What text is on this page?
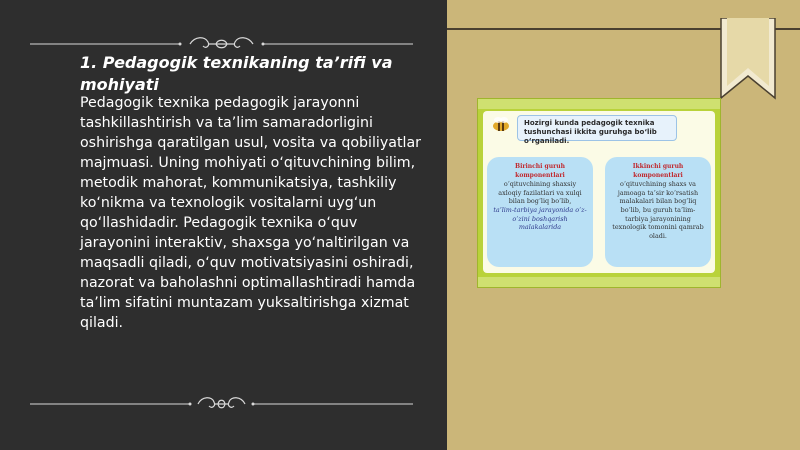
1. Pedagogik texnikaning ta’rifi va mohiyati

Pedagogik texnika pedagogik jarayonni tashkillashtirish va ta’lim samaradorligini oshirishga qaratilgan usul, vosita va qobiliyatlar majmuasi. Uning mohiyati o‘qituvchining bilim, metodik mahorat, kommunikatsiya, tashkiliy ko‘nikma va texnologik vositalarni uyg‘un qo‘llashidadir. Pedagogik texnika o‘quv jarayonini interaktiv, shaxsga yo‘naltirilgan va maqsadli qiladi, o‘quv motivatsiyasini oshiradi, nazorat va baholashni optimallashtiradi hamda ta’lim sifatini muntazam yuksaltirishga xizmat qiladi.

Hozirgi kunda pedagogik texnika tushunchasi ikkita guruhga bo‘lib o‘rganiladi.
Birinchi guruh komponentlari
o‘qituvchining shaxsiy axloqiy fazilatlari va xulqi bilan bog‘liq bo‘lib,
ta’lim-tarbiya jarayonida o‘z-o‘zini boshqarish malakalarida
Ikkinchi guruh komponentlari
o‘qituvchining shaxs va jamoaga ta’sir ko‘rsatish malakalari bilan bog‘liq bo‘lib, bu guruh ta’lim-tarbiya jarayonining texnologik tomonini qamrab oladi.
